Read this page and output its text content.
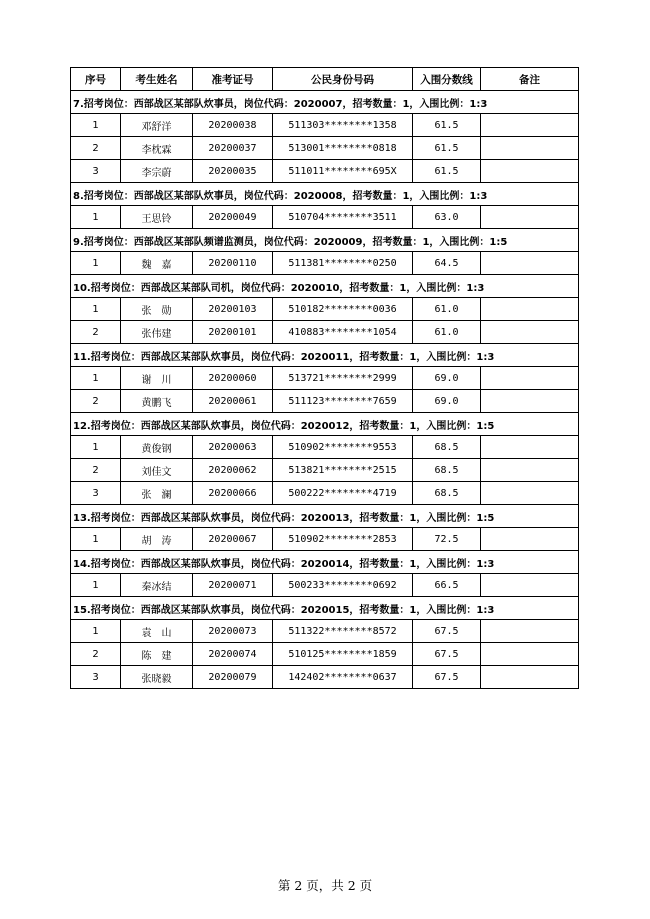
序号	考生姓名	准考证号	公民身份号码	入围分数线	备注
7.招考岗位：西部战区某部队炊事员，岗位代码：2020007，招考数量：1，入围比例：1:3					
1	邓舒洋	20200038	511303********1358	61.5	
2	李枕霖	20200037	513001********0818	61.5	
3	李宗蔚	20200035	511011********695X	61.5	
8.招考岗位：西部战区某部队炊事员，岗位代码：2020008，招考数量：1，入围比例：1:3					
1	王思铃	20200049	510704********3511	63.0	
9.招考岗位：西部战区某部队频谱监测员，岗位代码：2020009，招考数量：1，入围比例：1:5					
1	魏　嘉	20200110	511381********0250	64.5	
10.招考岗位：西部战区某部队司机，岗位代码：2020010，招考数量：1，入围比例：1:3					
1	张　勋	20200103	510182********0036	61.0	
2	张伟建	20200101	410883********1054	61.0	
11.招考岗位：西部战区某部队炊事员，岗位代码：2020011，招考数量：1，入围比例：1:3					
1	谢　川	20200060	513721********2999	69.0	
2	黄鹏飞	20200061	511123********7659	69.0	
12.招考岗位：西部战区某部队炊事员，岗位代码：2020012，招考数量：1，入围比例：1:5					
1	黄俊钢	20200063	510902********9553	68.5	
2	刘佳文	20200062	513821********2515	68.5	
3	张　澜	20200066	500222********4719	68.5	
13.招考岗位：西部战区某部队炊事员，岗位代码：2020013，招考数量：1，入围比例：1:5					
1	胡　涛	20200067	510902********2853	72.5	
14.招考岗位：西部战区某部队炊事员，岗位代码：2020014，招考数量：1，入围比例：1:3					
1	秦冰结	20200071	500233********0692	66.5	
15.招考岗位：西部战区某部队炊事员，岗位代码：2020015，招考数量：1，入围比例：1:3					
1	袁　山	20200073	511322********8572	67.5	
2	陈　建	20200074	510125********1859	67.5	
3	张晓毅	20200079	142402********0637	67.5	
第 2 页，共 2 页
